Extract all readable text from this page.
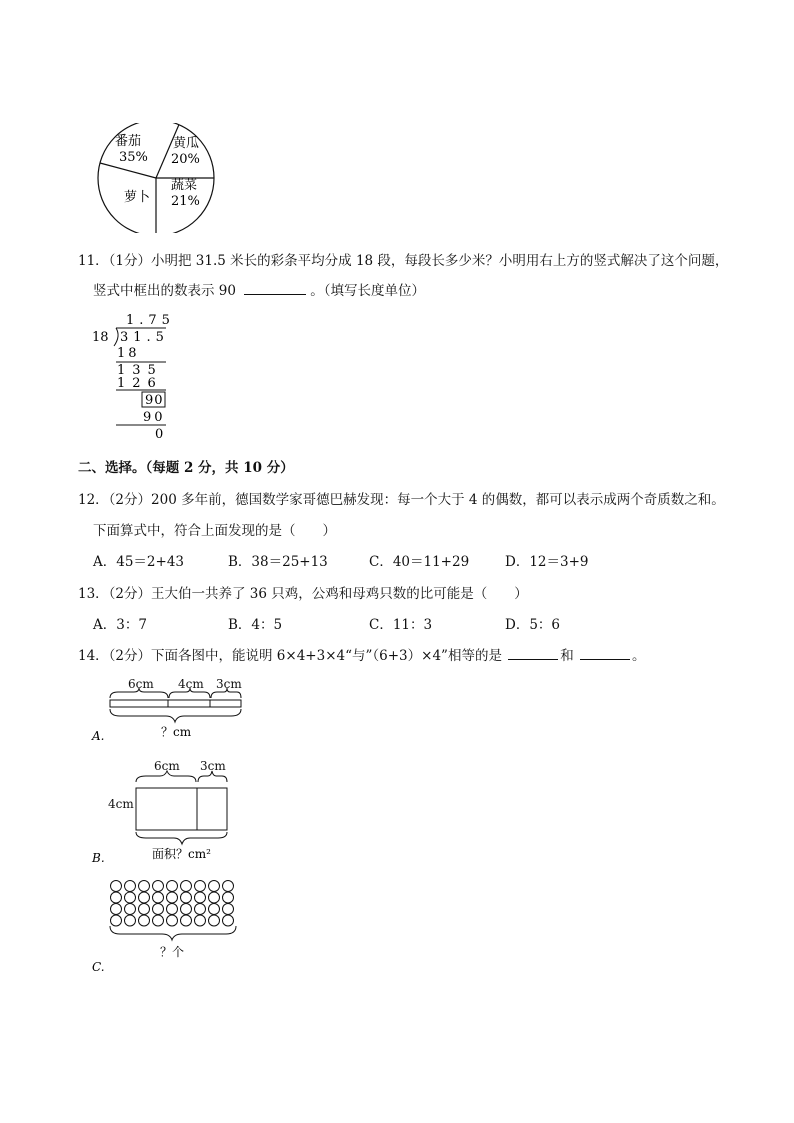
番茄
35%
黄瓜
20%
萝卜
蔬菜
21%
11．（1分）小明把 31.5 米长的彩条平均分成 18 段，每段长多少米？小明用右上方的竖式解决了这个问题，
竖式中框出的数表示 90	。（填写长度单位）
1.75
18 31.5
18
135
126
90
90
0
二、选择。（每题 2 分，共 10 分）
12．（2分）200 多年前，德国数学家哥德巴赫发现：每一个大于 4 的偶数，都可以表示成两个奇质数之和。
下面算式中，符合上面发现的是（　　）
A．45＝2+43	B．38＝25+13	C．40＝11+29	D．12＝3+9
13．（2分）王大伯一共养了 36 只鸡，公鸡和母鸡只数的比可能是（　　）
A．3：7	B．4：5	C．11：3	D．5：6
14．（2分）下面各图中，能说明 6×4+3×4“与”（6+3）×4”相等的是	和	。
6cm 4cm 3cm
？cm
A.
6cm 3cm
4cm
面积？cm²
B.
？个
C.
